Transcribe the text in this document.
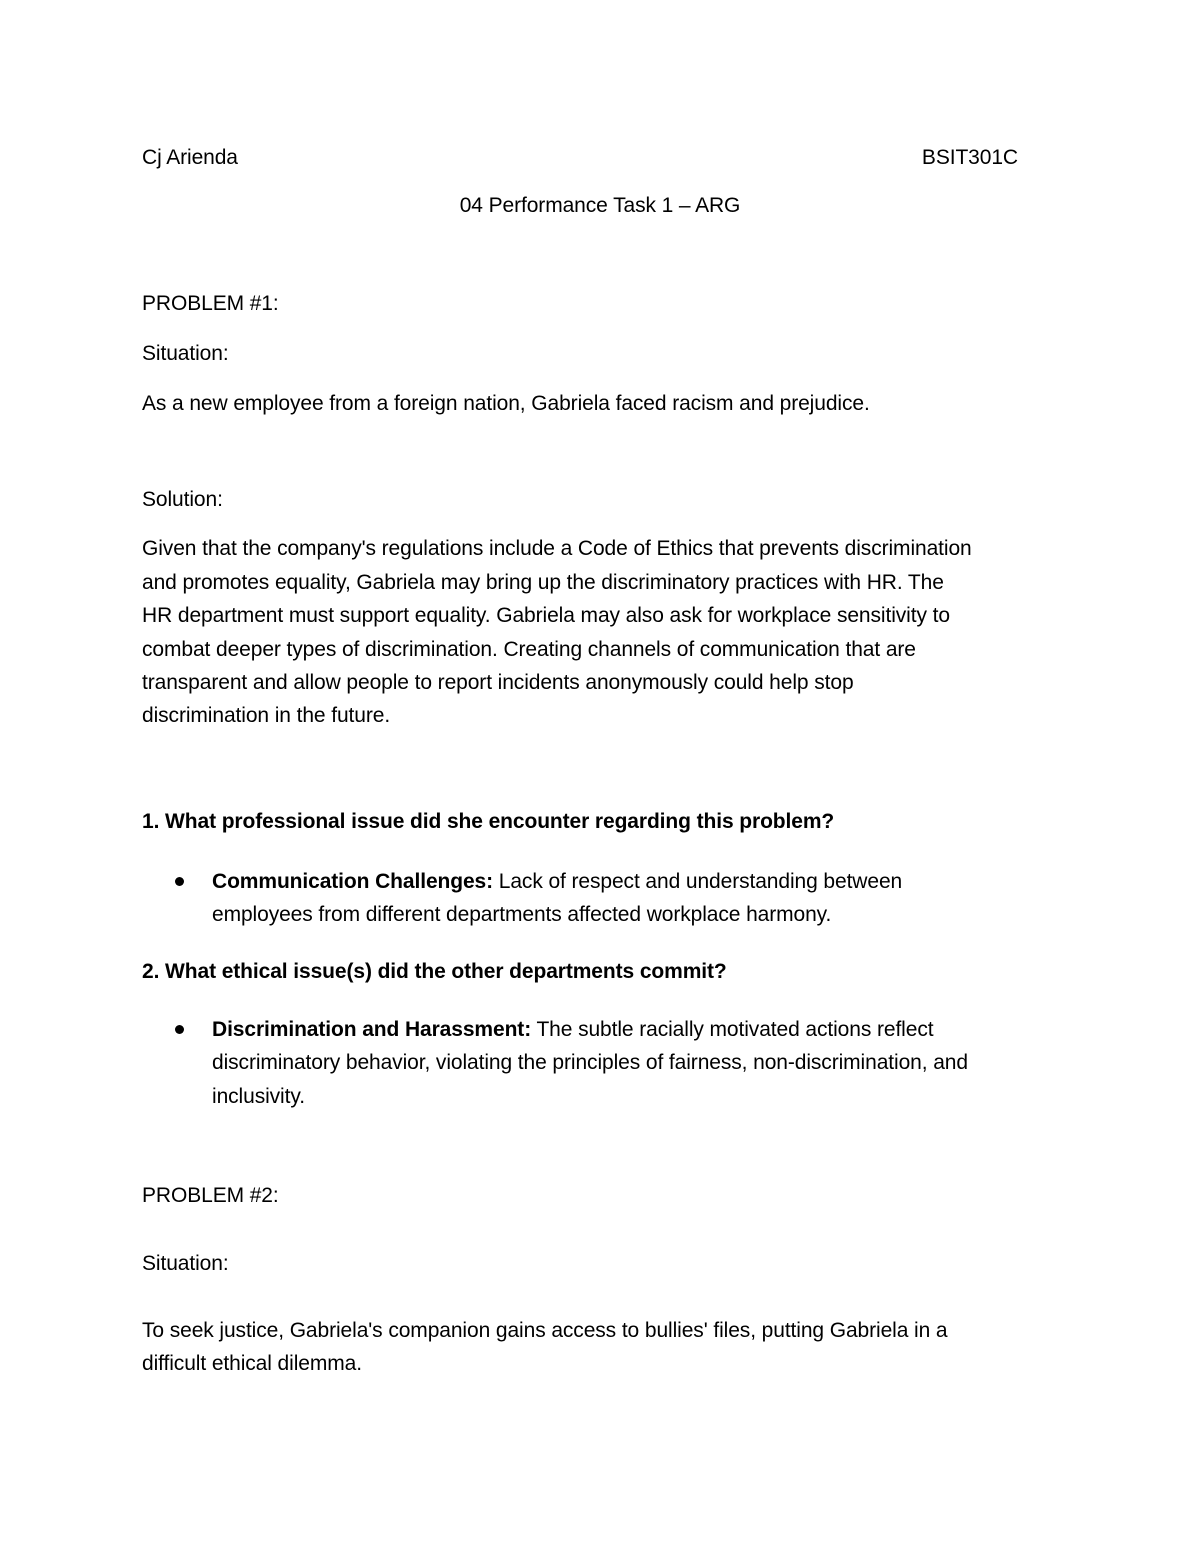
Cj Arienda	BSIT301C
04 Performance Task 1 – ARG
PROBLEM #1:
Situation:
As a new employee from a foreign nation, Gabriela faced racism and prejudice.
Solution:
Given that the company's regulations include a Code of Ethics that prevents discrimination
and promotes equality, Gabriela may bring up the discriminatory practices with HR. The
HR department must support equality. Gabriela may also ask for workplace sensitivity to
combat deeper types of discrimination. Creating channels of communication that are
transparent and allow people to report incidents anonymously could help stop
discrimination in the future.
1. What professional issue did she encounter regarding this problem?
Communication Challenges: Lack of respect and understanding between
employees from different departments affected workplace harmony.
2. What ethical issue(s) did the other departments commit?
Discrimination and Harassment: The subtle racially motivated actions reflect
discriminatory behavior, violating the principles of fairness, non-discrimination, and
inclusivity.
PROBLEM #2:
Situation:
To seek justice, Gabriela's companion gains access to bullies' files, putting Gabriela in a
difficult ethical dilemma.
